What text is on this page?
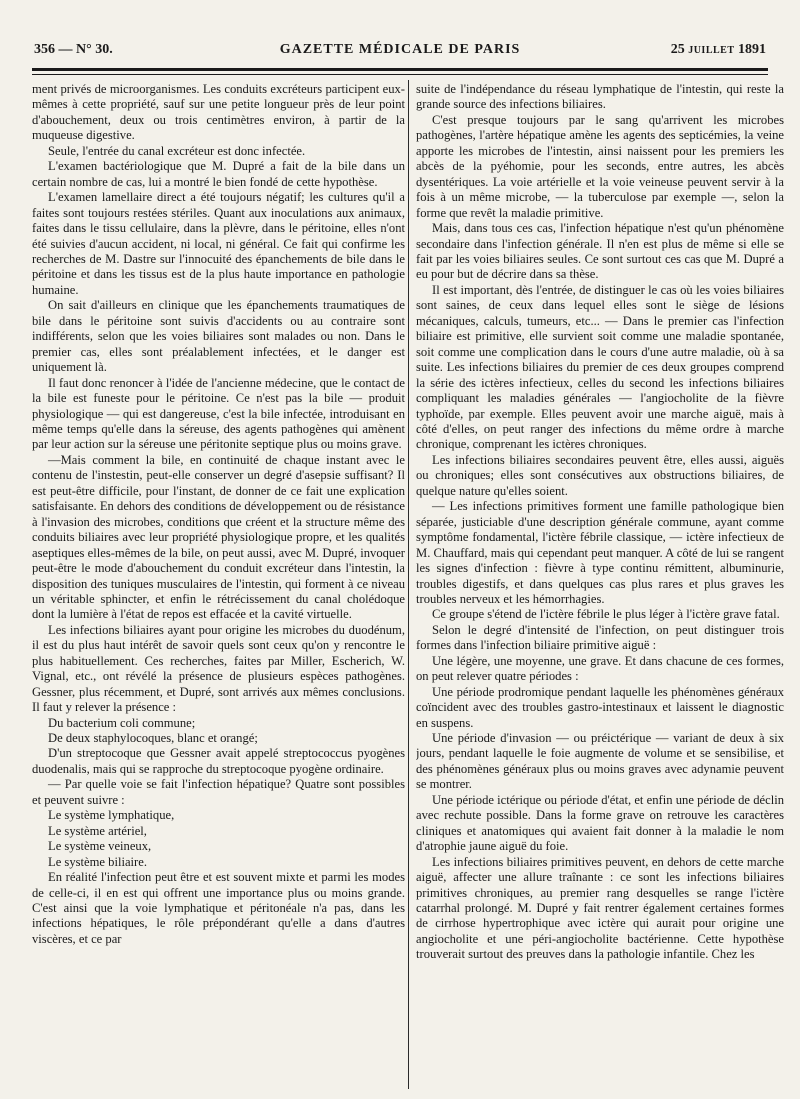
356 — N° 30.	GAZETTE MÉDICALE DE PARIS	25 JUILLET 1891

ment privés de microorganismes. Les conduits excréteurs participent eux-mêmes à cette propriété, sauf sur une petite longueur près de leur point d'abouchement, deux ou trois centimètres environ, à partir de la muqueuse digestive.

Seule, l'entrée du canal excréteur est donc infectée.

L'examen bactériologique que M. Dupré a fait de la bile dans un certain nombre de cas, lui a montré le bien fondé de cette hypothèse.

L'examen lamellaire direct a été toujours négatif; les cultures qu'il a faites sont toujours restées stériles. Quant aux inoculations aux animaux, faites dans le tissu cellulaire, dans la plèvre, dans le péritoine, elles n'ont été suivies d'aucun accident, ni local, ni général. Ce fait qui confirme les recherches de M. Dastre sur l'innocuité des épanchements de bile dans le péritoine et dans les tissus est de la plus haute importance en pathologie humaine.

On sait d'ailleurs en clinique que les épanchements traumatiques de bile dans le péritoine sont suivis d'accidents ou au contraire sont indifférents, selon que les voies biliaires sont malades ou non. Dans le premier cas, elles sont préalablement infectées, et le danger est uniquement là.

Il faut donc renoncer à l'idée de l'ancienne médecine, que le contact de la bile est funeste pour le péritoine. Ce n'est pas la bile — produit physiologique — qui est dangereuse, c'est la bile infectée, introduisant en même temps qu'elle dans la séreuse, des agents pathogènes qui amènent par leur action sur la séreuse une péritonite septique plus ou moins grave.

—Mais comment la bile, en continuité de chaque instant avec le contenu de l'instestin, peut-elle conserver un degré d'asepsie suffisant? Il est peut-être difficile, pour l'instant, de donner de ce fait une explication satisfaisante. En dehors des conditions de développement ou de résistance à l'invasion des microbes, conditions que créent et la structure même des conduits biliaires avec leur propriété physiologique propre, et les qualités aseptiques elles-mêmes de la bile, on peut aussi, avec M. Dupré, invoquer peut-être le mode d'abouchement du conduit excréteur dans l'intestin, la disposition des tuniques musculaires de l'intestin, qui forment à ce niveau un véritable sphincter, et enfin le rétrécissement du canal cholédoque dont la lumière à l'état de repos est effacée et la cavité virtuelle.

Les infections biliaires ayant pour origine les microbes du duodénum, il est du plus haut intérêt de savoir quels sont ceux qu'on y rencontre le plus habituellement. Ces recherches, faites par Miller, Escherich, W. Vignal, etc., ont révélé la présence de plusieurs espèces pathogènes. Gessner, plus récemment, et Dupré, sont arrivés aux mêmes conclusions. Il faut y relever la présence :

Du bacterium coli commune;

De deux staphylocoques, blanc et orangé;

D'un streptocoque que Gessner avait appelé streptococcus pyogènes duodenalis, mais qui se rapproche du streptocoque pyogène ordinaire.

— Par quelle voie se fait l'infection hépatique? Quatre sont possibles et peuvent suivre :

Le système lymphatique,

Le système artériel,

Le système veineux,

Le système biliaire.

En réalité l'infection peut être et est souvent mixte et parmi les modes de celle-ci, il en est qui offrent une importance plus ou moins grande. C'est ainsi que la voie lymphatique et péritonéale n'a pas, dans les infections hépatiques, le rôle prépondérant qu'elle a dans d'autres viscères, et ce par

suite de l'indépendance du réseau lymphatique de l'intestin, qui reste la grande source des infections biliaires.

C'est presque toujours par le sang qu'arrivent les microbes pathogènes, l'artère hépatique amène les agents des septicémies, la veine apporte les microbes de l'intestin, ainsi naissent pour les premiers les abcès de la pyéhomie, pour les seconds, entre autres, les abcès dysentériques. La voie artérielle et la voie veineuse peuvent servir à la fois à un même microbe, — la tuberculose par exemple —, selon la forme que revêt la maladie primitive.

Mais, dans tous ces cas, l'infection hépatique n'est qu'un phénomène secondaire dans l'infection générale. Il n'en est plus de même si elle se fait par les voies biliaires seules. Ce sont surtout ces cas que M. Dupré a eu pour but de décrire dans sa thèse.

Il est important, dès l'entrée, de distinguer le cas où les voies biliaires sont saines, de ceux dans lequel elles sont le siège de lésions mécaniques, calculs, tumeurs, etc... — Dans le premier cas l'infection biliaire est primitive, elle survient soit comme une maladie spontanée, soit comme une complication dans le cours d'une autre maladie, où à sa suite. Les infections biliaires du premier de ces deux groupes comprend la série des ictères infectieux, celles du second les infections biliaires compliquant les maladies générales — l'angiocholite de la fièvre typhoïde, par exemple. Elles peuvent avoir une marche aiguë, mais à côté d'elles, on peut ranger des infections du même ordre à marche chronique, comprenant les ictères chroniques.

Les infections biliaires secondaires peuvent être, elles aussi, aiguës ou chroniques; elles sont consécutives aux obstructions biliaires, de quelque nature qu'elles soient.

— Les infections primitives forment une famille pathologique bien séparée, justiciable d'une description générale commune, ayant comme symptôme fondamental, l'ictère fébrile classique, — ictère infectieux de M. Chauffard, mais qui cependant peut manquer. A côté de lui se rangent les signes d'infection : fièvre à type continu rémittent, albuminurie, troubles digestifs, et dans quelques cas plus rares et plus graves les troubles nerveux et les hémorrhagies.

Ce groupe s'étend de l'ictère fébrile le plus léger à l'ictère grave fatal.

Selon le degré d'intensité de l'infection, on peut distinguer trois formes dans l'infection biliaire primitive aiguë :

Une légère, une moyenne, une grave. Et dans chacune de ces formes, on peut relever quatre périodes :

Une période prodromique pendant laquelle les phénomènes généraux coïncident avec des troubles gastro-intestinaux et laissent le diagnostic en suspens.

Une période d'invasion — ou préictérique — variant de deux à six jours, pendant laquelle le foie augmente de volume et se sensibilise, et des phénomènes généraux plus ou moins graves avec adynamie peuvent se montrer.

Une période ictérique ou période d'état, et enfin une période de déclin avec rechute possible. Dans la forme grave on retrouve les caractères cliniques et anatomiques qui avaient fait donner à la maladie le nom d'atrophie jaune aiguë du foie.

Les infections biliaires primitives peuvent, en dehors de cette marche aiguë, affecter une allure traînante : ce sont les infections biliaires primitives chroniques, au premier rang desquelles se range l'ictère catarrhal prolongé. M. Dupré y fait rentrer également certaines formes de cirrhose hypertrophique avec ictère qui aurait pour origine une angiocholite et une péri-angiocholite bactérienne. Cette hypothèse trouverait surtout des preuves dans la pathologie infantile. Chez les
